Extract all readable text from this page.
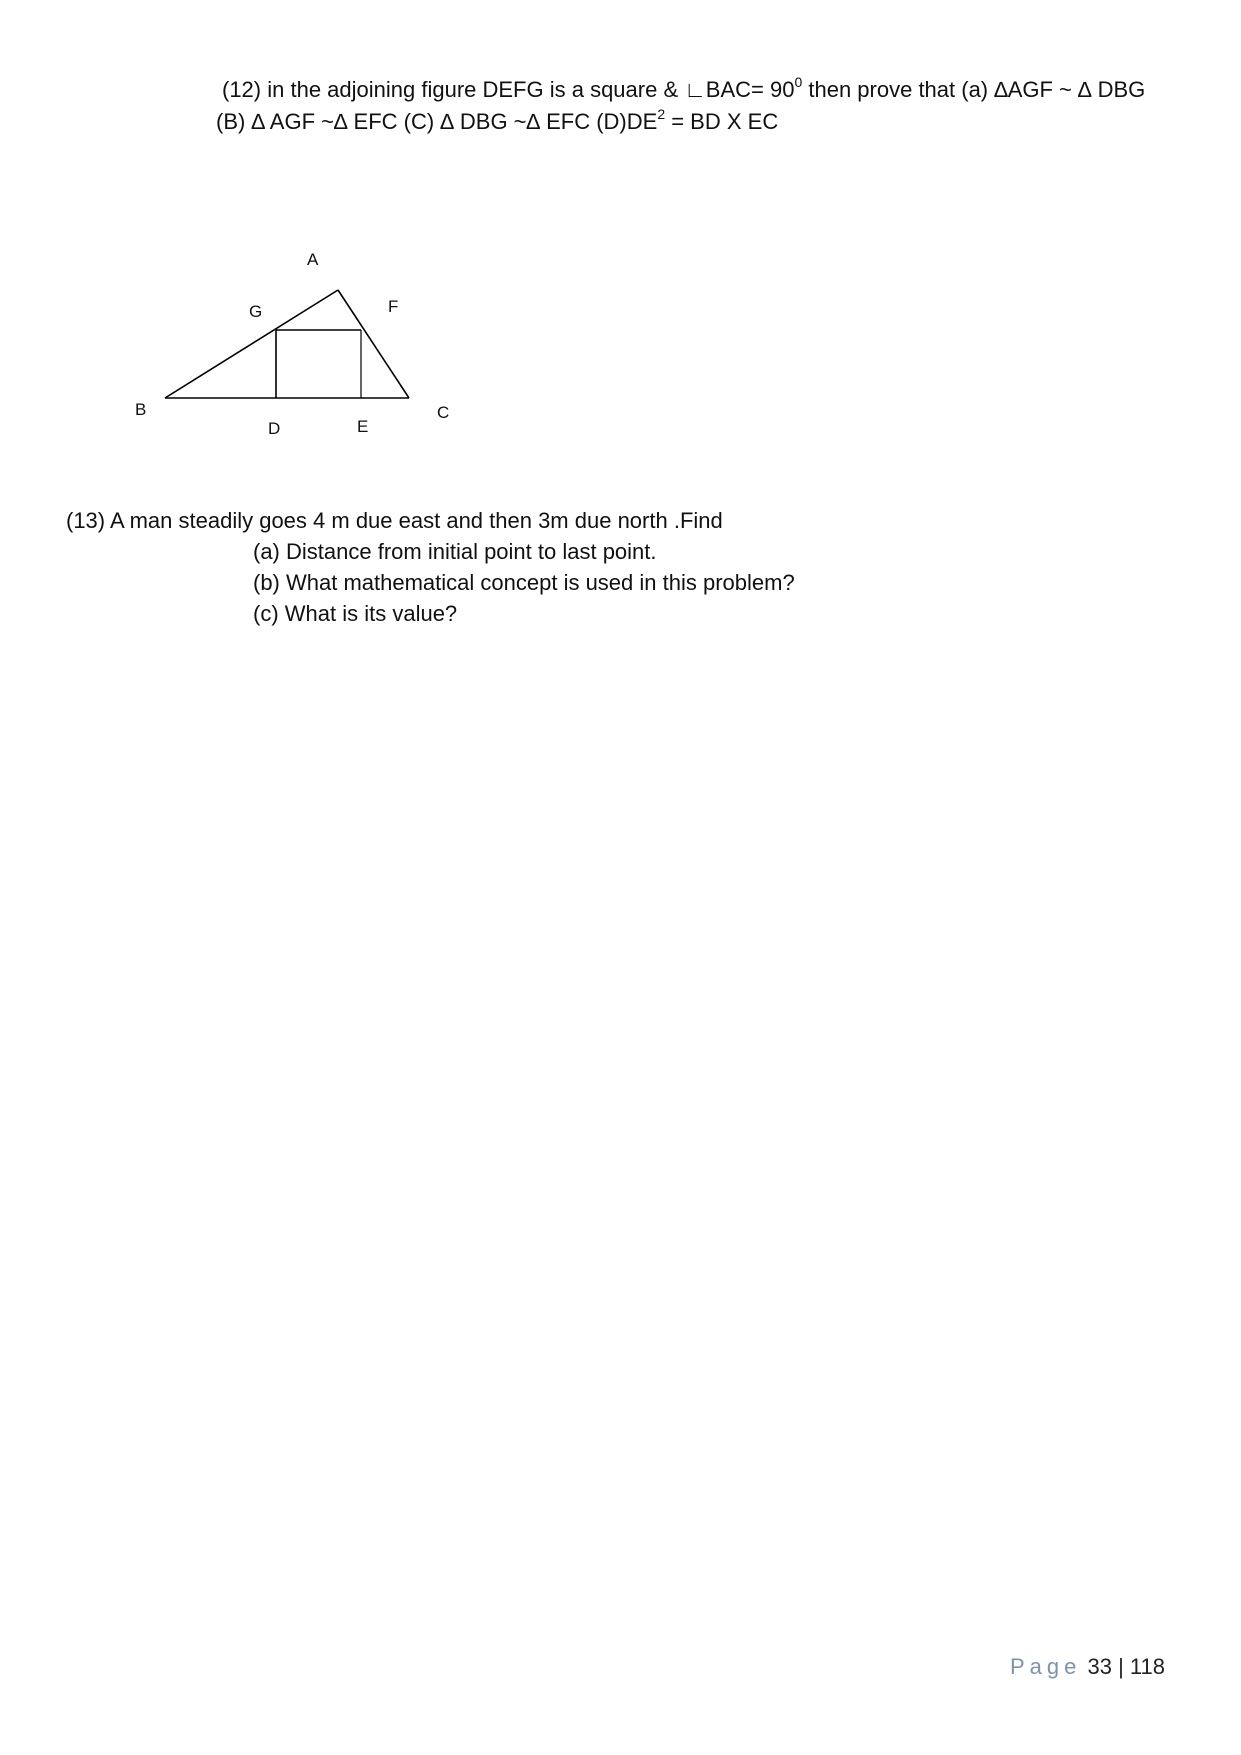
(12) in the adjoining figure DEFG is a square & ∟BAC= $90^0$ then prove that (a) ∆AGF ~ ∆ DBG
(B) ∆ AGF ~∆ EFC (C) ∆ DBG ~∆ EFC $(D)DE^2$ = BD X EC
A
G	F
B	C
D	E
(13) A man steadily goes 4 m due east and then 3m due north .Find
(a) Distance from initial point to last point.
(b) What mathematical concept is used in this problem?
(c) What is its value?
Page 33 | 118
